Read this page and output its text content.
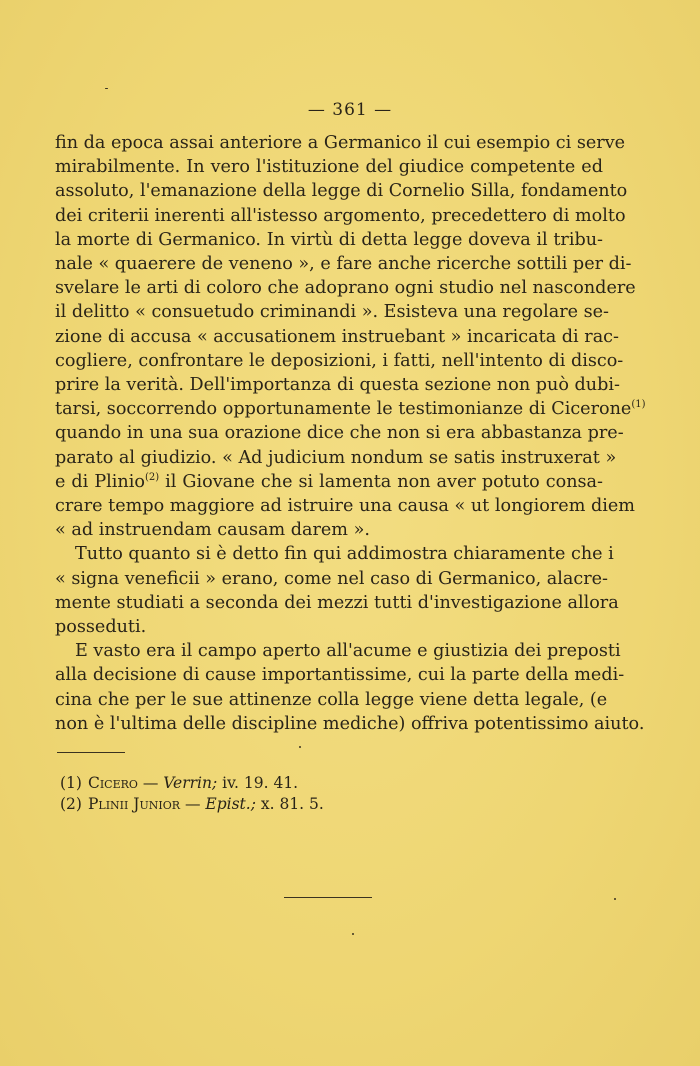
— 361 —
fin da epoca assai anteriore a Germanico il cui esempio ci serve
mirabilmente. In vero l'istituzione del giudice competente ed
assoluto, l'emanazione della legge di Cornelio Silla, fondamento
dei criterii inerenti all'istesso argomento, precedettero di molto
la morte di Germanico. In virtù di detta legge doveva il tribu-
nale « quaerere de veneno », e fare anche ricerche sottili per di-
svelare le arti di coloro che adoprano ogni studio nel nascondere
il delitto « consuetudo criminandi ». Esisteva una regolare se-
zione di accusa « accusationem instruebant » incaricata di rac-
cogliere, confrontare le deposizioni, i fatti, nell'intento di disco-
prire la verità. Dell'importanza di questa sezione non può dubi-
tarsi, soccorrendo opportunamente le testimonianze di Cicerone$^{(1)}$
quando in una sua orazione dice che non si era abbastanza pre-
parato al giudizio. « Ad judicium nondum se satis instruxerat »
e di Plinio$^{(2)}$ il Giovane che si lamenta non aver potuto consa-
crare tempo maggiore ad istruire una causa « ut longiorem diem
« ad instruendam causam darem ».
Tutto quanto si è detto fin qui addimostra chiaramente che i
« signa veneficii » erano, come nel caso di Germanico, alacre-
mente studiati a seconda dei mezzi tutti d'investigazione allora
posseduti.
E vasto era il campo aperto all'acume e giustizia dei preposti
alla decisione di cause importantissime, cui la parte della medi-
cina che per le sue attinenze colla legge viene detta legale, (e
non è l'ultima delle discipline mediche) offriva potentissimo aiuto.
(1) Cicero — Verrin; iv. 19. 41.
(2) Plinii Junior — Epist.; x. 81. 5.
